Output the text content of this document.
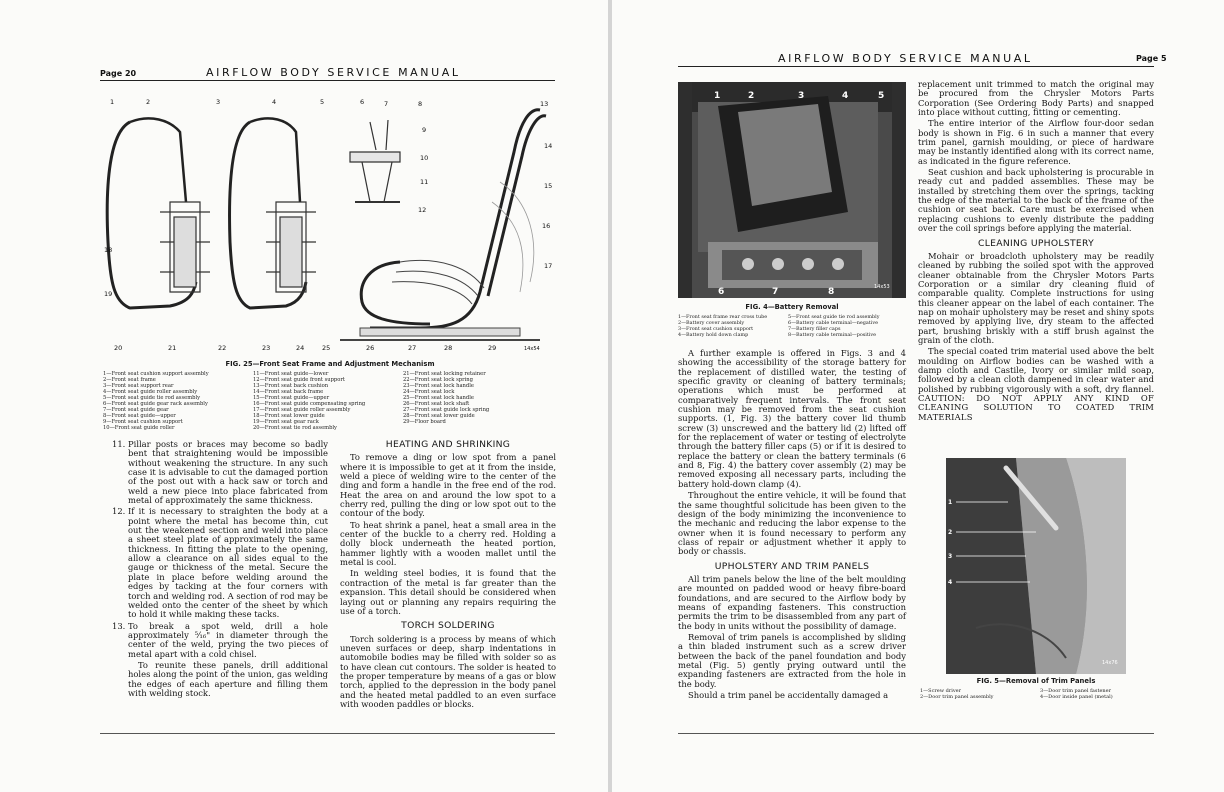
Page 20	AIRFLOW BODY SERVICE MANUAL
1	2	3	4	5	6	7	8
9
10
11
12
13
14
15
16
17
18
19
20	21	22	23	24	25	26	27	28	29	14x54
FIG. 25—Front Seat Frame and Adjustment Mechanism
1—Front seat cushion support assembly
2—Front seat frame
3—Front seat support rear
4—Front seat guide roller assembly
5—Front seat guide tie rod assembly
6—Front seat guide gear rack assembly
7—Front seat guide gear
8—Front seat guide—upper
9—Front seat cushion support
10—Front seat guide roller
11—Front seat guide—lower
12—Front seat guide front support
13—Front seat back cushion
14—Front seat back frame
15—Front seat guide—upper
16—Front seat guide compensating spring
17—Front seat guide roller assembly
18—Front seat lower guide
19—Front seat gear rack
20—Front seat tie rod assembly
21—Front seat locking retainer
22—Front seat lock spring
23—Front seat lock handle
24—Front seat lock
25—Front seat lock handle
26—Front seat lock shaft
27—Front seat guide lock spring
28—Front seat lower guide
29—Floor board
11. Pillar posts or braces may become so badly bent that straightening would be impossible without weakening the structure. In any such case it is advisable to cut the damaged portion of the post out with a hack saw or torch and weld a new piece into place fabricated from metal of approximately the same thickness.
12. If it is necessary to straighten the body at a point where the metal has become thin, cut out the weakened section and weld into place a sheet steel plate of approximately the same thickness. In fitting the plate to the opening, allow a clearance on all sides equal to the gauge or thickness of the metal. Secure the plate in place before welding around the edges by tacking at the four corners with torch and welding rod. A section of rod may be welded onto the center of the sheet by which to hold it while making these tacks.
13. To break a spot weld, drill a hole approximately ⁵⁄₁₆" in diameter through the center of the weld, prying the two pieces of metal apart with a cold chisel.

To reunite these panels, drill additional holes along the point of the union, gas welding the edges of each aperture and filling them with welding stock.

HEATING AND SHRINKING

To remove a ding or low spot from a panel where it is impossible to get at it from the inside, weld a piece of welding wire to the center of the ding and form a handle in the free end of the rod. Heat the area on and around the low spot to a cherry red, pulling the ding or low spot out to the contour of the body.

To heat shrink a panel, heat a small area in the center of the buckle to a cherry red. Holding a dolly block underneath the heated portion, hammer lightly with a wooden mallet until the metal is cool.

In welding steel bodies, it is found that the contraction of the metal is far greater than the expansion. This detail should be considered when laying out or planning any repairs requiring the use of a torch.

TORCH SOLDERING

Torch soldering is a process by means of which uneven surfaces or deep, sharp indentations in automobile bodies may be filled with solder so as to have clean cut contours. The solder is heated to the proper temperature by means of a gas or blow torch, applied to the depression in the body panel and the heated metal paddled to an even surface with wooden paddles or blocks.

AIRFLOW BODY SERVICE MANUAL	Page 5
1	2	3	4	5
6	7	8	14x53
FIG. 4—Battery Removal
1—Front seat frame rear cross tube
2—Battery cover assembly
3—Front seat cushion support
4—Battery hold down clamp
5—Front seat guide tie rod assembly
6—Battery cable terminal—negative
7—Battery filler caps
8—Battery cable terminal—positive

A further example is offered in Figs. 3 and 4 showing the accessibility of the storage battery for the replacement of distilled water, the testing of specific gravity or cleaning of battery terminals; operations which must be performed at comparatively frequent intervals. The front seat cushion may be removed from the seat cushion supports. (1, Fig. 3) the battery cover lid thumb screw (3) unscrewed and the battery lid (2) lifted off for the replacement of water or testing of electrolyte through the battery filler caps (5) or if it is desired to replace the battery or clean the battery terminals (6 and 8, Fig. 4) the battery cover assembly (2) may be removed exposing all necessary parts, including the battery hold-down clamp (4).

Throughout the entire vehicle, it will be found that the same thoughtful solicitude has been given to the design of the body minimizing the inconvenience to the mechanic and reducing the labor expense to the owner when it is found necessary to perform any class of repair or adjustment whether it apply to body or chassis.

UPHOLSTERY AND TRIM PANELS

All trim panels below the line of the belt moulding are mounted on padded wood or heavy fibre-board foundations, and are secured to the Airflow body by means of expanding fasteners. This construction permits the trim to be disassembled from any part of the body in units without the possibility of damage.

Removal of trim panels is accomplished by sliding a thin bladed instrument such as a screw driver between the back of the panel foundation and body metal (Fig. 5) gently prying outward until the expanding fasteners are extracted from the hole in the body.

Should a trim panel be accidentally damaged a

replacement unit trimmed to match the original may be procured from the Chrysler Motors Parts Corporation (See Ordering Body Parts) and snapped into place without cutting, fitting or cementing.

The entire interior of the Airflow four-door sedan body is shown in Fig. 6 in such a manner that every trim panel, garnish moulding, or piece of hardware may be instantly identified along with its correct name, as indicated in the figure reference.

Seat cushion and back upholstering is procurable in ready cut and padded assemblies. These may be installed by stretching them over the springs, tacking the edge of the material to the back of the frame of the cushion or seat back. Care must be exercised when replacing cushions to evenly distribute the padding over the coil springs before applying the material.

CLEANING UPHOLSTERY

Mohair or broadcloth upholstery may be readily cleaned by rubbing the soiled spot with the approved cleaner obtainable from the Chrysler Motors Parts Corporation or a similar dry cleaning fluid of comparable quality. Complete instructions for using this cleaner appear on the label of each container. The nap on mohair upholstery may be reset and shiny spots removed by applying live, dry steam to the affected part, brushing briskly with a stiff brush against the grain of the cloth.

The special coated trim material used above the belt moulding on Airflow bodies can be washed with a damp cloth and Castile, Ivory or similar mild soap, followed by a clean cloth dampened in clear water and polished by rubbing vigorously with a soft, dry flannel. CAUTION: DO NOT APPLY ANY KIND OF CLEANING SOLUTION TO COATED TRIM MATERIALS

1
2
3
4
14x76
FIG. 5—Removal of Trim Panels
1—Screw driver
2—Door trim panel assembly
3—Door trim panel fastener
4—Door inside panel (metal)
